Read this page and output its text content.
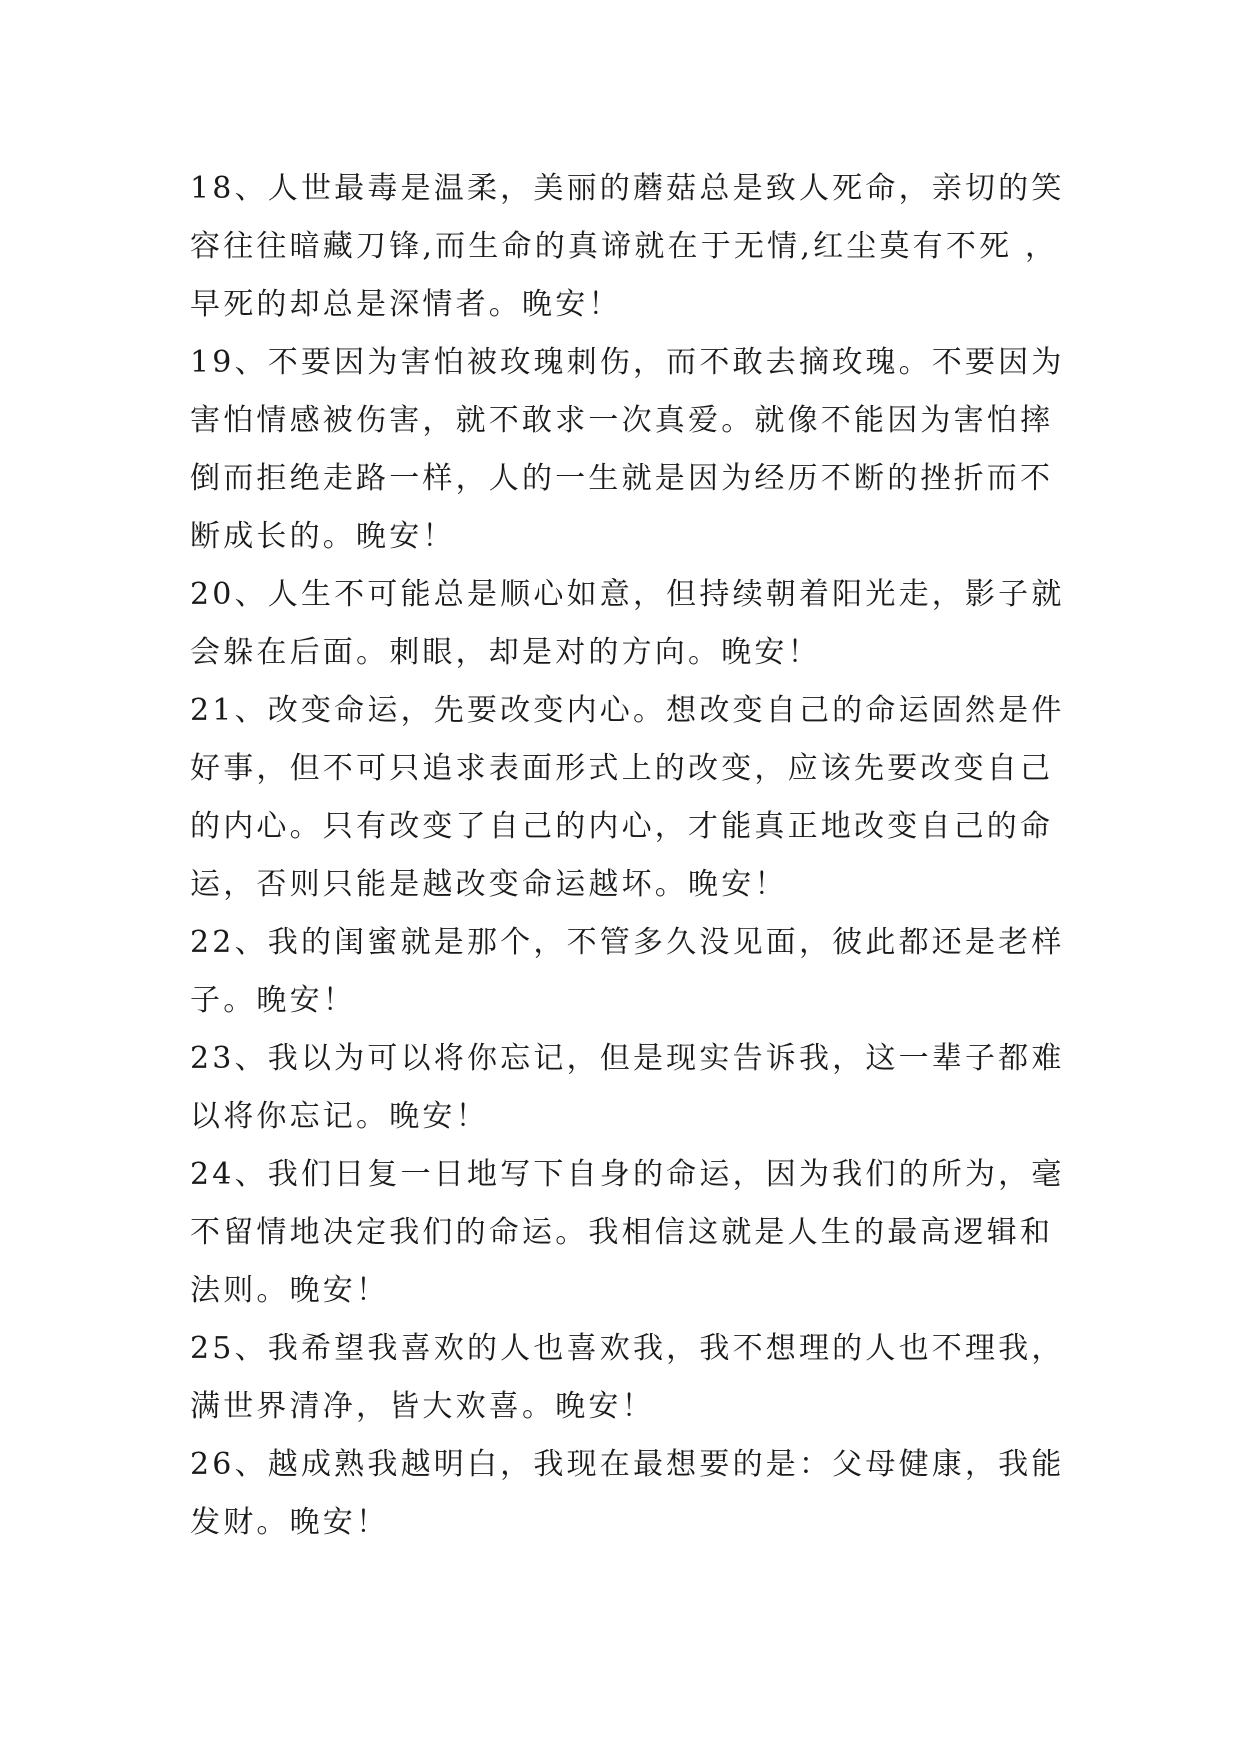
18、人世最毒是温柔，美丽的蘑菇总是致人死命，亲切的笑
容往往暗藏刀锋,而生命的真谛就在于无情,红尘莫有不死 ，
早死的却总是深情者。晚安！
19、不要因为害怕被玫瑰刺伤，而不敢去摘玫瑰。不要因为
害怕情感被伤害，就不敢求一次真爱。就像不能因为害怕摔
倒而拒绝走路一样，人的一生就是因为经历不断的挫折而不
断成长的。晚安！
20、人生不可能总是顺心如意，但持续朝着阳光走，影子就
会躲在后面。刺眼，却是对的方向。晚安！
21、改变命运，先要改变内心。想改变自己的命运固然是件
好事，但不可只追求表面形式上的改变，应该先要改变自己
的内心。只有改变了自己的内心，才能真正地改变自己的命
运，否则只能是越改变命运越坏。晚安！
22、我的闺蜜就是那个，不管多久没见面，彼此都还是老样
子。晚安！
23、我以为可以将你忘记，但是现实告诉我，这一辈子都难
以将你忘记。晚安！
24、我们日复一日地写下自身的命运，因为我们的所为，毫
不留情地决定我们的命运。我相信这就是人生的最高逻辑和
法则。晚安！
25、我希望我喜欢的人也喜欢我，我不想理的人也不理我，
满世界清净，皆大欢喜。晚安！
26、越成熟我越明白，我现在最想要的是：父母健康，我能
发财。晚安！
